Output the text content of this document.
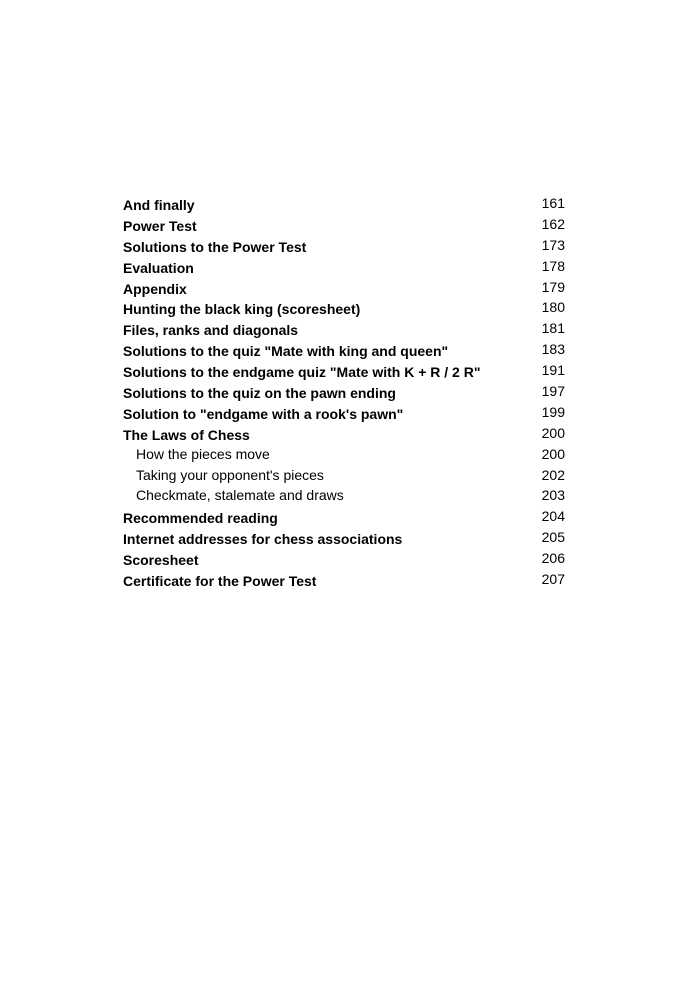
And finally	161
Power Test	162
Solutions to the Power Test	173
Evaluation	178
Appendix	179
Hunting the black king (scoresheet)	180
Files, ranks and diagonals	181
Solutions to the quiz "Mate with king and queen"	183
Solutions to the endgame quiz "Mate with K + R / 2 R"	191
Solutions to the quiz on the pawn ending	197
Solution to "endgame with a rook's pawn"	199
The Laws of Chess	200
How the pieces move	200
Taking your opponent's pieces	202
Checkmate, stalemate and draws	203
Recommended reading	204
Internet addresses for chess associations	205
Scoresheet	206
Certificate for the Power Test	207
